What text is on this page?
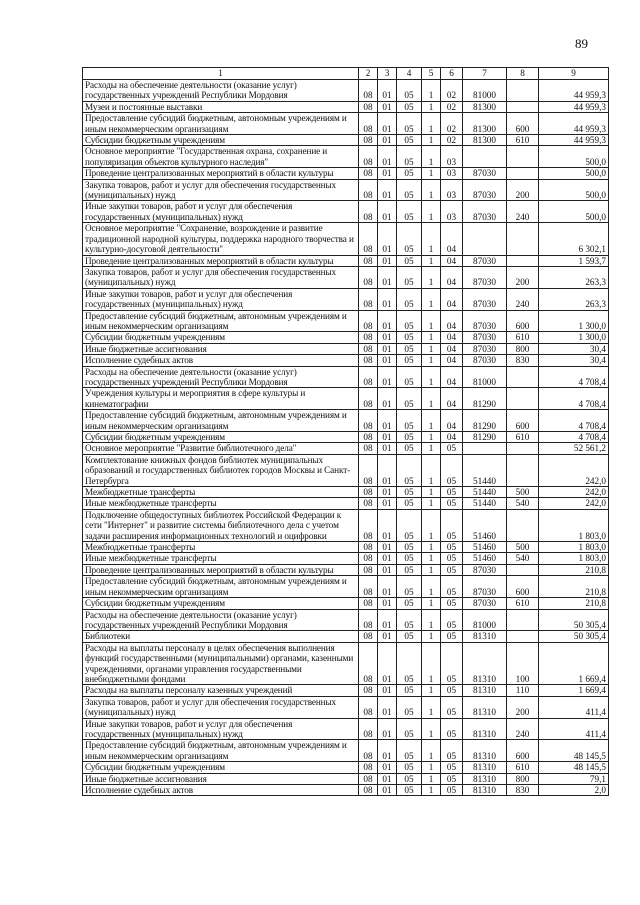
89
1	2	3	4	5	6	7	8	9
Расходы на обеспечение деятельности (оказание услуг) государственных учреждений Республики Мордовия	08	01	05	1	02	81000		44 959,3
Музеи и постоянные выставки	08	01	05	1	02	81300		44 959,3
Предоставление субсидий бюджетным, автономным учреждениям и иным некоммерческим организациям	08	01	05	1	02	81300	600	44 959,3
Субсидии бюджетным учреждениям	08	01	05	1	02	81300	610	44 959,3
Основное мероприятие "Государственная охрана, сохранение и популяризация объектов культурного наследия"	08	01	05	1	03			500,0
Проведение централизованных мероприятий в области культуры	08	01	05	1	03	87030		500,0
Закупка товаров, работ и услуг для обеспечения государственных (муниципальных) нужд	08	01	05	1	03	87030	200	500,0
Иные закупки товаров, работ и услуг для обеспечения государственных (муниципальных) нужд	08	01	05	1	03	87030	240	500,0
Основное мероприятие "Сохранение, возрождение и развитие традиционной народной культуры, поддержка народного творчества и культурно-досуговой деятельности"	08	01	05	1	04			6 302,1
Проведение централизованных мероприятий в области культуры	08	01	05	1	04	87030		1 593,7
Закупка товаров, работ и услуг для обеспечения государственных (муниципальных) нужд	08	01	05	1	04	87030	200	263,3
Иные закупки товаров, работ и услуг для обеспечения государственных (муниципальных) нужд	08	01	05	1	04	87030	240	263,3
Предоставление субсидий бюджетным, автономным учреждениям и иным некоммерческим организациям	08	01	05	1	04	87030	600	1 300,0
Субсидии бюджетным учреждениям	08	01	05	1	04	87030	610	1 300,0
Иные бюджетные ассигнования	08	01	05	1	04	87030	800	30,4
Исполнение судебных актов	08	01	05	1	04	87030	830	30,4
Расходы на обеспечение деятельности (оказание услуг) государственных учреждений Республики Мордовия	08	01	05	1	04	81000		4 708,4
Учреждения культуры и мероприятия в сфере культуры и кинематографии	08	01	05	1	04	81290		4 708,4
Предоставление субсидий бюджетным, автономным учреждениям и иным некоммерческим организациям	08	01	05	1	04	81290	600	4 708,4
Субсидии бюджетным учреждениям	08	01	05	1	04	81290	610	4 708,4
Основное мероприятие "Развитие библиотечного дела"	08	01	05	1	05			52 561,2
Комплектование книжных фондов библиотек муниципальных образований и государственных библиотек городов Москвы и Санкт-Петербурга	08	01	05	1	05	51440		242,0
Межбюджетные трансферты	08	01	05	1	05	51440	500	242,0
Иные межбюджетные трансферты	08	01	05	1	05	51440	540	242,0
Подключение общедоступных библиотек Российской Федерации к сети "Интернет" и развитие системы библиотечного дела с учетом задачи расширения информационных технологий и оцифровки	08	01	05	1	05	51460		1 803,0
Межбюджетные трансферты	08	01	05	1	05	51460	500	1 803,0
Иные межбюджетные трансферты	08	01	05	1	05	51460	540	1 803,0
Проведение централизованных мероприятий в области культуры	08	01	05	1	05	87030		210,8
Предоставление субсидий бюджетным, автономным учреждениям и иным некоммерческим организациям	08	01	05	1	05	87030	600	210,8
Субсидии бюджетным учреждениям	08	01	05	1	05	87030	610	210,8
Расходы на обеспечение деятельности (оказание услуг) государственных учреждений Республики Мордовия	08	01	05	1	05	81000		50 305,4
Библиотеки	08	01	05	1	05	81310		50 305,4
Расходы на выплаты персоналу в целях обеспечения выполнения функций государственными (муниципальными) органами, казенными учреждениями, органами управления государственными внебюджетными фондами	08	01	05	1	05	81310	100	1 669,4
Расходы на выплаты персоналу казенных учреждений	08	01	05	1	05	81310	110	1 669,4
Закупка товаров, работ и услуг для обеспечения государственных (муниципальных) нужд	08	01	05	1	05	81310	200	411,4
Иные закупки товаров, работ и услуг для обеспечения государственных (муниципальных) нужд	08	01	05	1	05	81310	240	411,4
Предоставление субсидий бюджетным, автономным учреждениям и иным некоммерческим организациям	08	01	05	1	05	81310	600	48 145,5
Субсидии бюджетным учреждениям	08	01	05	1	05	81310	610	48 145,5
Иные бюджетные ассигнования	08	01	05	1	05	81310	800	79,1
Исполнение судебных актов	08	01	05	1	05	81310	830	2,0
